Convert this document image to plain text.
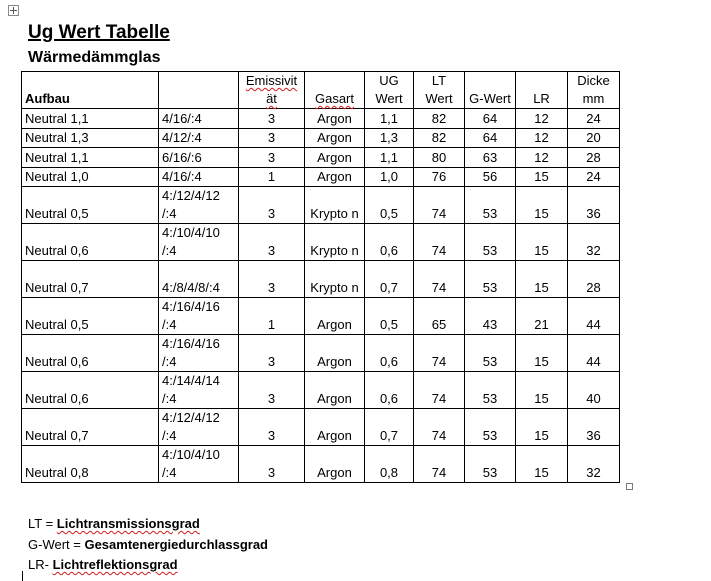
Ug Wert Tabelle
Wärmedämmglas
Aufbau		Emissivit ät	Gasart	UG Wert	LT Wert	G-Wert	LR	Dicke mm
Neutral 1,1	4/16/:4	3	Argon	1,1	82	64	12	24
Neutral 1,3	4/12/:4	3	Argon	1,3	82	64	12	20
Neutral 1,1	6/16/:6	3	Argon	1,1	80	63	12	28
Neutral 1,0	4/16/:4	1	Argon	1,0	76	56	15	24
Neutral 0,5	4:/12/4/12 /:4	3	Krypto n	0,5	74	53	15	36
Neutral 0,6	4:/10/4/10 /:4	3	Krypto n	0,6	74	53	15	32
Neutral 0,7	4:/8/4/8/:4	3	Krypto n	0,7	74	53	15	28
Neutral 0,5	4:/16/4/16 /:4	1	Argon	0,5	65	43	21	44
Neutral 0,6	4:/16/4/16 /:4	3	Argon	0,6	74	53	15	44
Neutral 0,6	4:/14/4/14 /:4	3	Argon	0,6	74	53	15	40
Neutral 0,7	4:/12/4/12 /:4	3	Argon	0,7	74	53	15	36
Neutral 0,8	4:/10/4/10 /:4	3	Argon	0,8	74	53	15	32
LT = Lichtransmissionsgrad
G-Wert = Gesamtenergiedurchlassgrad
LR- Lichtreflektionsgrad
